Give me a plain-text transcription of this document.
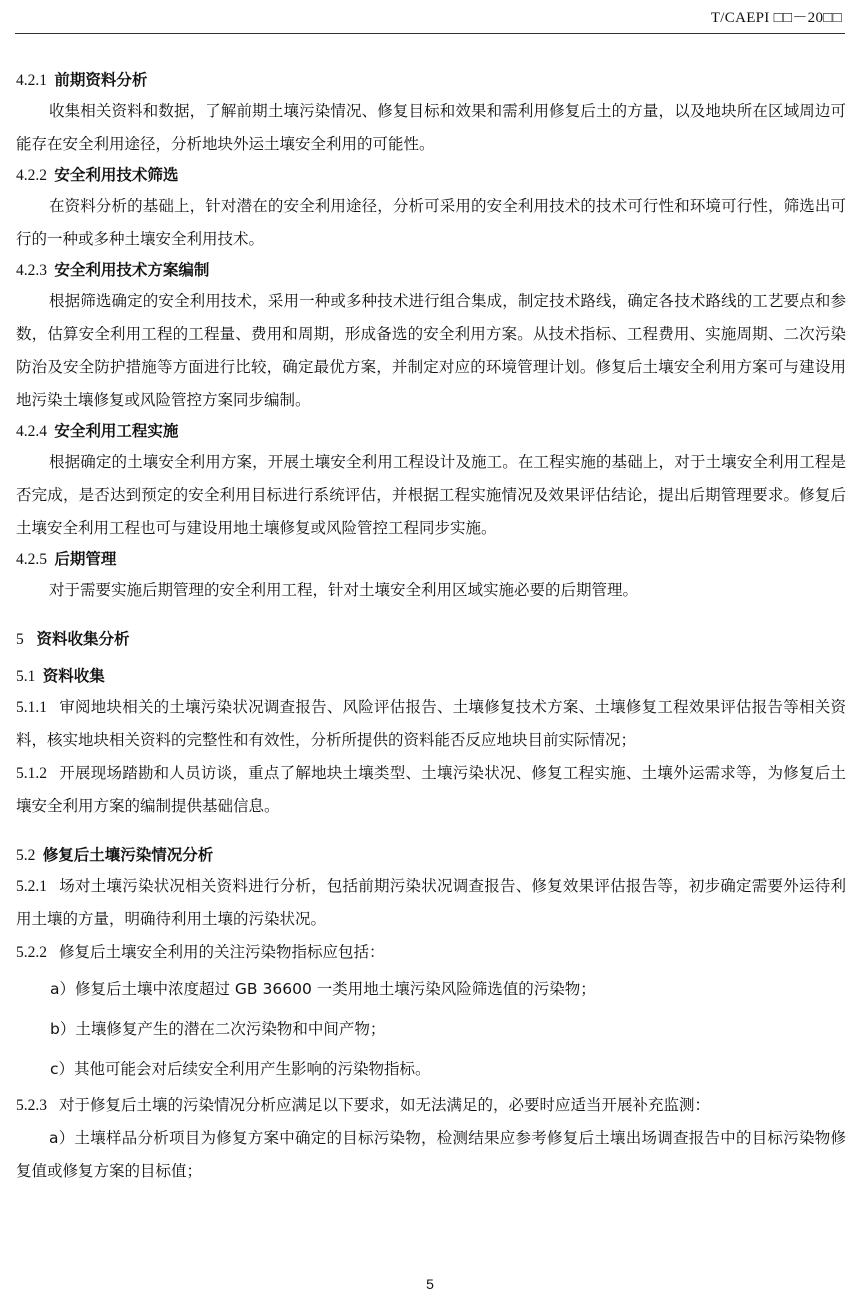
T/CAEPI □□－20□□
4.2.1 前期资料分析
收集相关资料和数据，了解前期土壤污染情况、修复目标和效果和需利用修复后土的方量，以及地块所在区域周边可能存在安全利用途径，分析地块外运土壤安全利用的可能性。
4.2.2 安全利用技术筛选
在资料分析的基础上，针对潜在的安全利用途径，分析可采用的安全利用技术的技术可行性和环境可行性，筛选出可行的一种或多种土壤安全利用技术。
4.2.3 安全利用技术方案编制
根据筛选确定的安全利用技术，采用一种或多种技术进行组合集成，制定技术路线，确定各技术路线的工艺要点和参数，估算安全利用工程的工程量、费用和周期，形成备选的安全利用方案。从技术指标、工程费用、实施周期、二次污染防治及安全防护措施等方面进行比较，确定最优方案，并制定对应的环境管理计划。修复后土壤安全利用方案可与建设用地污染土壤修复或风险管控方案同步编制。
4.2.4 安全利用工程实施
根据确定的土壤安全利用方案，开展土壤安全利用工程设计及施工。在工程实施的基础上，对于土壤安全利用工程是否完成，是否达到预定的安全利用目标进行系统评估，并根据工程实施情况及效果评估结论，提出后期管理要求。修复后土壤安全利用工程也可与建设用地土壤修复或风险管控工程同步实施。
4.2.5 后期管理
对于需要实施后期管理的安全利用工程，针对土壤安全利用区域实施必要的后期管理。
5 资料收集分析
5.1 资料收集
5.1.1 审阅地块相关的土壤污染状况调查报告、风险评估报告、土壤修复技术方案、土壤修复工程效果评估报告等相关资料，核实地块相关资料的完整性和有效性，分析所提供的资料能否反应地块目前实际情况；
5.1.2 开展现场踏勘和人员访谈，重点了解地块土壤类型、土壤污染状况、修复工程实施、土壤外运需求等，为修复后土壤安全利用方案的编制提供基础信息。
5.2 修复后土壤污染情况分析
5.2.1 场对土壤污染状况相关资料进行分析，包括前期污染状况调查报告、修复效果评估报告等，初步确定需要外运待利用土壤的方量，明确待利用土壤的污染状况。
5.2.2 修复后土壤安全利用的关注污染物指标应包括：
a）修复后土壤中浓度超过 GB 36600 一类用地土壤污染风险筛选值的污染物；
b）土壤修复产生的潜在二次污染物和中间产物；
c）其他可能会对后续安全利用产生影响的污染物指标。
5.2.3 对于修复后土壤的污染情况分析应满足以下要求，如无法满足的，必要时应适当开展补充监测：
a）土壤样品分析项目为修复方案中确定的目标污染物，检测结果应参考修复后土壤出场调查报告中的目标污染物修复值或修复方案的目标值；
5
